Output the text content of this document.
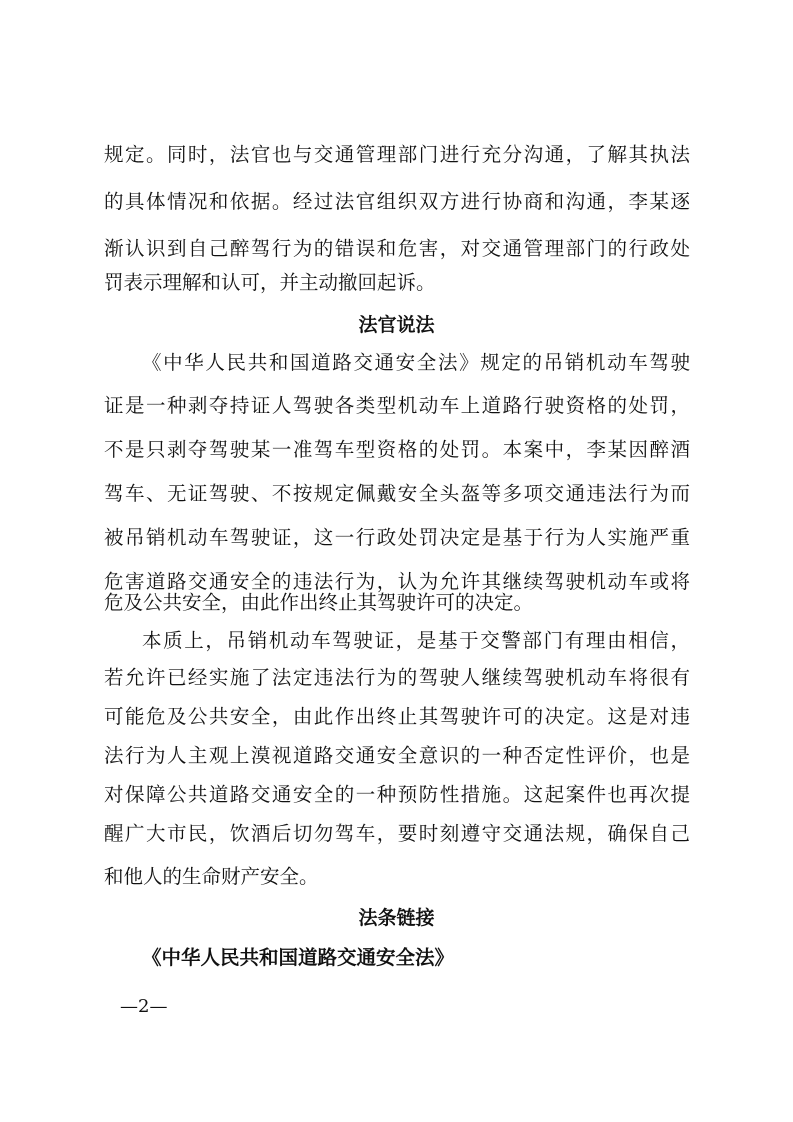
规定。同时，法官也与交通管理部门进行充分沟通，了解其执法
的具体情况和依据。经过法官组织双方进行协商和沟通，李某逐
渐认识到自己醉驾行为的错误和危害，对交通管理部门的行政处
罚表示理解和认可，并主动撤回起诉。
法官说法
《中华人民共和国道路交通安全法》规定的吊销机动车驾驶
证是一种剥夺持证人驾驶各类型机动车上道路行驶资格的处罚，
不是只剥夺驾驶某一准驾车型资格的处罚。本案中，李某因醉酒
驾车、无证驾驶、不按规定佩戴安全头盔等多项交通违法行为而
被吊销机动车驾驶证，这一行政处罚决定是基于行为人实施严重
危害道路交通安全的违法行为，认为允许其继续驾驶机动车或将
危及公共安全，由此作出终止其驾驶许可的决定。
本质上，吊销机动车驾驶证，是基于交警部门有理由相信，
若允许已经实施了法定违法行为的驾驶人继续驾驶机动车将很有
可能危及公共安全，由此作出终止其驾驶许可的决定。这是对违
法行为人主观上漠视道路交通安全意识的一种否定性评价，也是
对保障公共道路交通安全的一种预防性措施。这起案件也再次提
醒广大市民，饮酒后切勿驾车，要时刻遵守交通法规，确保自己
和他人的生命财产安全。
法条链接
《中华人民共和国道路交通安全法》
—2—
